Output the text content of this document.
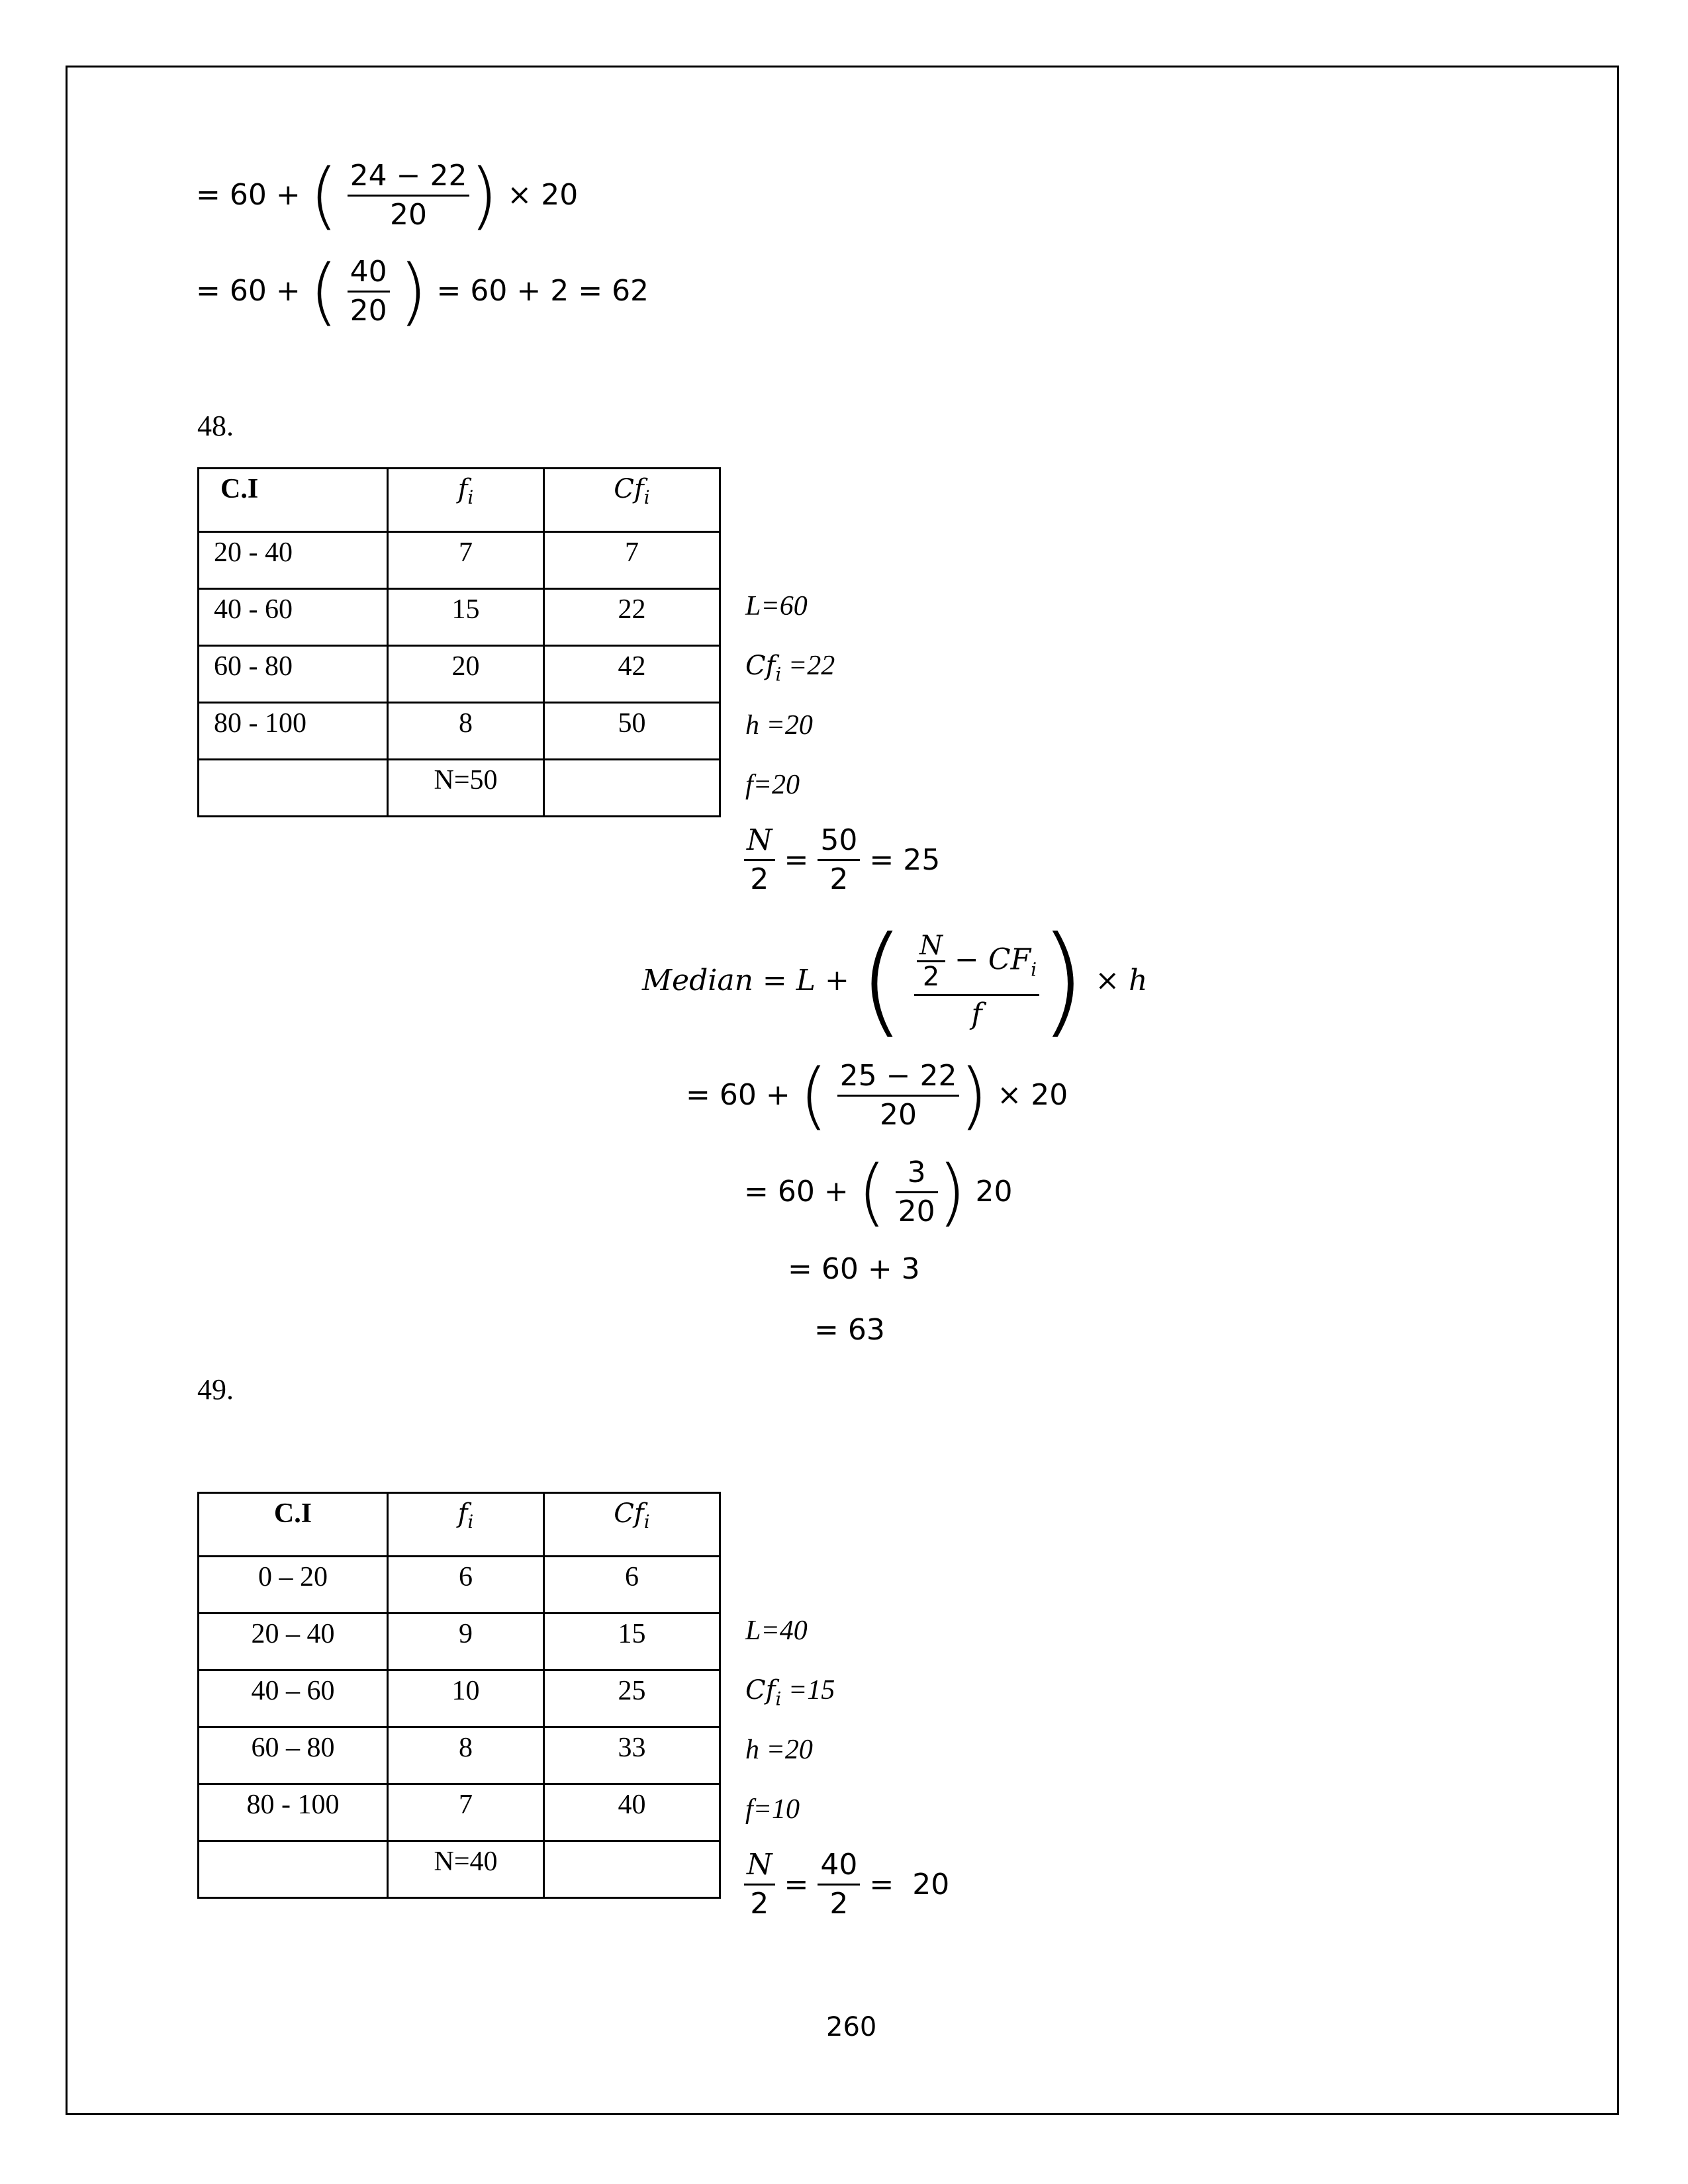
= 60 + ( $\frac{24 - 22}{20}$ ) × 20
= 60 + ( $\frac{40}{20}$ ) = 60 + 2 = 62
48.
C.I	$f_i$	$Cf_i$
20 - 40	7	7
40 - 60	15	22
60 - 80	20	42
80 - 100	8	50
	N=50	
L=60
$Cf_i =22$
h =20
f=20
$\frac{N}{2} = \frac{50}{2} = 25$
Median = L + ( $\frac{\frac{N}{2} - CF_i}{f}$ ) × h
= 60 + ( $\frac{25 - 22}{20}$ ) × 20
= 60 + ( $\frac{3}{20}$ ) 20
= 60 + 3
= 63
49.
C.I	$f_i$	$Cf_i$
0 – 20	6	6
20 – 40	9	15
40 – 60	10	25
60 – 80	8	33
80 - 100	7	40
	N=40	
L=40
$Cf_i =15$
h =20
f=10
$\frac{N}{2} = \frac{40}{2} = 20$
260
